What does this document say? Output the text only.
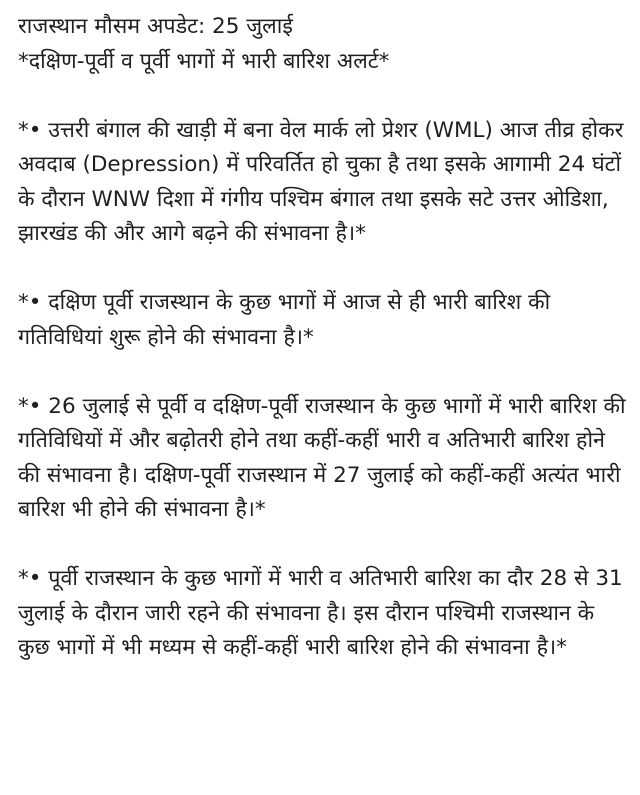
राजस्थान मौसम अपडेट: 25 जुलाई
*दक्षिण-पूर्वी व पूर्वी भागों में भारी बारिश अलर्ट*

*• उत्तरी बंगाल की खाड़ी में बना वेल मार्क लो प्रेशर (WML) आज तीव्र होकर अवदाब (Depression) में परिवर्तित हो चुका है तथा इसके आगामी 24 घंटों के दौरान WNW दिशा में गंगीय पश्चिम बंगाल तथा इसके सटे उत्तर ओडिशा, झारखंड की और आगे बढ़ने की संभावना है।*

*• दक्षिण पूर्वी राजस्थान के कुछ भागों में आज से ही भारी बारिश की गतिविधियां शुरू होने की संभावना है।*

*• 26 जुलाई से पूर्वी व दक्षिण-पूर्वी राजस्थान के कुछ भागों में भारी बारिश की गतिविधियों में और बढ़ोतरी होने तथा कहीं-कहीं भारी व अतिभारी बारिश होने की संभावना है। दक्षिण-पूर्वी राजस्थान में 27 जुलाई को कहीं-कहीं अत्यंत भारी बारिश भी होने की संभावना है।*

*• पूर्वी राजस्थान के कुछ भागों में भारी व अतिभारी बारिश का दौर 28 से 31 जुलाई के दौरान जारी रहने की संभावना है। इस दौरान पश्चिमी राजस्थान के कुछ भागों में भी मध्यम से कहीं-कहीं भारी बारिश होने की संभावना है।*
